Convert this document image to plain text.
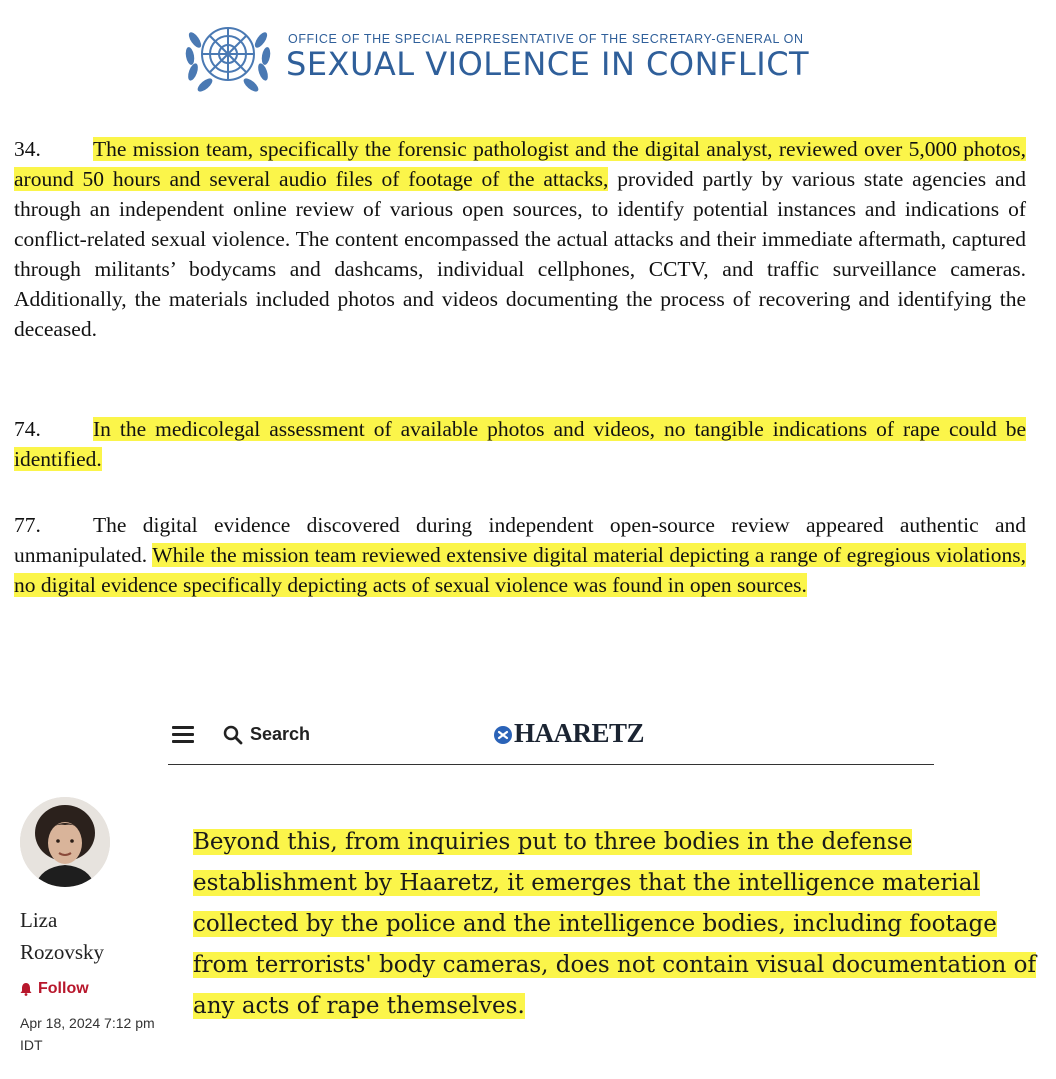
OFFICE OF THE SPECIAL REPRESENTATIVE OF THE SECRETARY-GENERAL ON
SEXUAL VIOLENCE IN CONFLICT

34. The mission team, specifically the forensic pathologist and the digital analyst, reviewed over 5,000 photos, around 50 hours and several audio files of footage of the attacks, provided partly by various state agencies and through an independent online review of various open sources, to identify potential instances and indications of conflict-related sexual violence. The content encompassed the actual attacks and their immediate aftermath, captured through militants’ bodycams and dashcams, individual cellphones, CCTV, and traffic surveillance cameras. Additionally, the materials included photos and videos documenting the process of recovering and identifying the deceased.

74. In the medicolegal assessment of available photos and videos, no tangible indications of rape could be identified.

77. The digital evidence discovered during independent open-source review appeared authentic and unmanipulated. While the mission team reviewed extensive digital material depicting a range of egregious violations, no digital evidence specifically depicting acts of sexual violence was found in open sources.

Search	HAARETZ
Liza
Rozovsky
Follow
Apr 18, 2024 7:12 pm IDT

Beyond this, from inquiries put to three bodies in the defense establishment by Haaretz, it emerges that the intelligence material collected by the police and the intelligence bodies, including footage from terrorists' body cameras, does not contain visual documentation of any acts of rape themselves.
